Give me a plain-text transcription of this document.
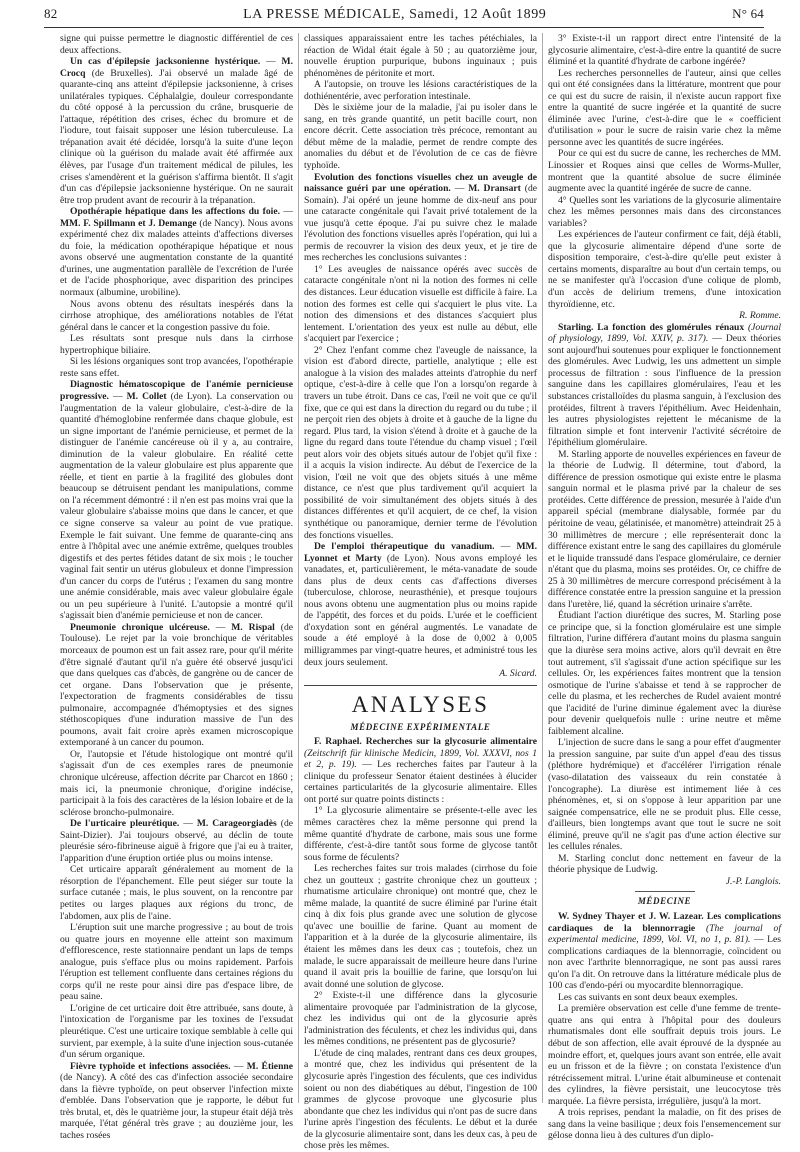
82	LA PRESSE MÉDICALE, Samedi, 12 Août 1899	N° 64

signe qui puisse permettre le diagnostic différentiel de ces deux affections.

Un cas d'épilepsie jacksonienne hystérique. — M. Crocq (de Bruxelles). J'ai observé un malade âgé de quarante-cinq ans atteint d'épilepsie jacksonienne, à crises unilatérales typiques. Céphalalgie, douleur correspondante du côté opposé à la percussion du crâne, brusquerie de l'attaque, répétition des crises, échec du bromure et de l'iodure, tout faisait supposer une lésion tuberculeuse. La trépanation avait été décidée, lorsqu'à la suite d'une leçon clinique où la guérison du malade avait été affirmée aux élèves, par l'usage d'un traitement médical de pilules, les crises s'amendèrent et la guérison s'affirma bientôt. Il s'agit d'un cas d'épilepsie jacksonienne hystérique. On ne saurait être trop prudent avant de recourir à la trépanation.

Opothérapie hépatique dans les affections du foie. — MM. F. Spillmann et J. Demange (de Nancy). Nous avons expérimenté chez dix malades atteints d'affections diverses du foie, la médication opothérapique hépatique et nous avons observé une augmentation constante de la quantité d'urines, une augmentation parallèle de l'excrétion de l'urée et de l'acide phosphorique, avec disparition des principes normaux (albumine, urobiline).

Nous avons obtenu des résultats inespérés dans la cirrhose atrophique, des améliorations notables de l'état général dans le cancer et la congestion passive du foie.

Les résultats sont presque nuls dans la cirrhose hypertrophique biliaire.

Si les lésions organiques sont trop avancées, l'opothérapie reste sans effet.

Diagnostic hématoscopique de l'anémie pernicieuse progressive. — M. Collet (de Lyon). La conservation ou l'augmentation de la valeur globulaire, c'est-à-dire de la quantité d'hémoglobine renfermée dans chaque globule, est un signe important de l'anémie pernicieuse, et permet de la distinguer de l'anémie cancéreuse où il y a, au contraire, diminution de la valeur globulaire. En réalité cette augmentation de la valeur globulaire est plus apparente que réelle, et tient en partie à la fragilité des globules dont beaucoup se détruisent pendant les manipulations, comme on l'a récemment démontré : il n'en est pas moins vrai que la valeur globulaire s'abaisse moins que dans le cancer, et que ce signe conserve sa valeur au point de vue pratique. Exemple le fait suivant. Une femme de quarante-cinq ans entre à l'hôpital avec une anémie extrême, quelques troubles digestifs et des pertes fétides datant de six mois ; le toucher vaginal fait sentir un utérus globuleux et donne l'impression d'un cancer du corps de l'utérus ; l'examen du sang montre une anémie considérable, mais avec valeur globulaire égale ou un peu supérieure à l'unité. L'autopsie a montré qu'il s'agissait bien d'anémie pernicieuse et non de cancer.

Pneumonie chronique ulcéreuse. — M. Rispal (de Toulouse). Le rejet par la voie bronchique de véritables morceaux de poumon est un fait assez rare, pour qu'il mérite d'être signalé d'autant qu'il n'a guère été observé jusqu'ici que dans quelques cas d'abcès, de gangrène ou de cancer de cet organe. Dans l'observation que je présente, l'expectoration de fragments considérables de tissu pulmonaire, accompagnée d'hémoptysies et des signes stéthoscopiques d'une induration massive de l'un des poumons, avait fait croire après examen microscopique extemporané à un cancer du poumon.

Or, l'autopsie et l'étude histologique ont montré qu'il s'agissait d'un de ces exemples rares de pneumonie chronique ulcéreuse, affection décrite par Charcot en 1860 ; mais ici, la pneumonie chronique, d'origine indécise, participait à la fois des caractères de la lésion lobaire et de la sclérose broncho-pulmonaire.

De l'urticaire pleurétique. — M. Carageorgiadès (de Saint-Dizier). J'ai toujours observé, au déclin de toute pleurésie séro-fibrineuse aiguë à frigore que j'ai eu à traiter, l'apparition d'une éruption ortiée plus ou moins intense.

Cet urticaire apparaît généralement au moment de la résorption de l'épanchement. Elle peut siéger sur toute la surface cutanée ; mais, le plus souvent, on la rencontre par petites ou larges plaques aux régions du tronc, de l'abdomen, aux plis de l'aine.

L'éruption suit une marche progressive ; au bout de trois ou quatre jours en moyenne elle atteint son maximum d'efflorescence, reste stationnaire pendant un laps de temps analogue, puis s'efface plus ou moins rapidement. Parfois l'éruption est tellement confluente dans certaines régions du corps qu'il ne reste pour ainsi dire pas d'espace libre, de peau saine.

L'origine de cet urticaire doit être attribuée, sans doute, à l'intoxication de l'organisme par les toxines de l'exsudat pleurétique. C'est une urticaire toxique semblable à celle qui survient, par exemple, à la suite d'une injection sous-cutanée d'un sérum organique.

Fièvre typhoïde et infections associées. — M. Étienne (de Nancy). A côté des cas d'infection associée secondaire dans la fièvre typhoïde, on peut observer l'infection mixte d'emblée. Dans l'observation que je rapporte, le début fut très brutal, et, dès le quatrième jour, la stupeur était déjà très marquée, l'état général très grave ; au douzième jour, les taches rosées

classiques apparaissaient entre les taches pétéchiales, la réaction de Widal était égale à 50 ; au quatorzième jour, nouvelle éruption purpurique, bubons inguinaux ; puis phénomènes de péritonite et mort.

A l'autopsie, on trouve les lésions caractéristiques de la dothiénentérie, avec perforation intestinale.

Dès le sixième jour de la maladie, j'ai pu isoler dans le sang, en très grande quantité, un petit bacille court, non encore décrit. Cette association très précoce, remontant au début même de la maladie, permet de rendre compte des anomalies du début et de l'évolution de ce cas de fièvre typhoïde.

Evolution des fonctions visuelles chez un aveugle de naissance guéri par une opération. — M. Dransart (de Somain). J'ai opéré un jeune homme de dix-neuf ans pour une cataracte congénitale qui l'avait privé totalement de la vue jusqu'à cette époque. J'ai pu suivre chez le malade l'évolution des fonctions visuelles après l'opération, qui lui a permis de recouvrer la vision des deux yeux, et je tire de mes recherches les conclusions suivantes :

1° Les aveugles de naissance opérés avec succès de cataracte congénitale n'ont ni la notion des formes ni celle des distances. Leur éducation visuelle est difficile à faire. La notion des formes est celle qui s'acquiert le plus vite. La notion des dimensions et des distances s'acquiert plus lentement. L'orientation des yeux est nulle au début, elle s'acquiert par l'exercice ;

2° Chez l'enfant comme chez l'aveugle de naissance, la vision est d'abord directe, partielle, analytique ; elle est analogue à la vision des malades atteints d'atrophie du nerf optique, c'est-à-dire à celle que l'on a lorsqu'on regarde à travers un tube étroit. Dans ce cas, l'œil ne voit que ce qu'il fixe, que ce qui est dans la direction du regard ou du tube ; il ne perçoit rien des objets à droite et à gauche de la ligne du regard. Plus tard, la vision s'étend à droite et à gauche de la ligne du regard dans toute l'étendue du champ visuel ; l'œil peut alors voir des objets situés autour de l'objet qu'il fixe : il a acquis la vision indirecte. Au début de l'exercice de la vision, l'œil ne voit que des objets situés à une même distance, ce n'est que plus tardivement qu'il acquiert la possibilité de voir simultanément des objets situés à des distances différentes et qu'il acquiert, de ce chef, la vision synthétique ou panoramique, dernier terme de l'évolution des fonctions visuelles.

De l'emploi thérapeutique du vanadium. — MM. Lyonnet et Marty (de Lyon). Nous avons employé les vanadates, et, particulièrement, le méta-vanadate de soude dans plus de deux cents cas d'affections diverses (tuberculose, chlorose, neurasthénie), et presque toujours nous avons obtenu une augmentation plus ou moins rapide de l'appétit, des forces et du poids. L'urée et le coefficient d'oxydation sont en général augmentés. Le vanadate de soude a été employé à la dose de 0,002 à 0,005 milligrammes par vingt-quatre heures, et administré tous les deux jours seulement.

A. Sicard.

ANALYSES
MÉDECINE EXPÉRIMENTALE

F. Raphael. Recherches sur la glycosurie alimentaire (Zeitschrift für klinische Medicin, 1899, Vol. XXXVI, nos 1 et 2, p. 19). — Les recherches faites par l'auteur à la clinique du professeur Senator étaient destinées à élucider certaines particularités de la glycosurie alimentaire. Elles ont porté sur quatre points distincts :

1° La glycosurie alimentaire se présente-t-elle avec les mêmes caractères chez la même personne qui prend la même quantité d'hydrate de carbone, mais sous une forme différente, c'est-à-dire tantôt sous forme de glycose tantôt sous forme de féculents?

Les recherches faites sur trois malades (cirrhose du foie chez un goutteux ; gastrite chronique chez un goutteux ; rhumatisme articulaire chronique) ont montré que, chez le même malade, la quantité de sucre éliminé par l'urine était cinq à dix fois plus grande avec une solution de glycose qu'avec une bouillie de farine. Quant au moment de l'apparition et à la durée de la glycosurie alimentaire, ils étaient les mêmes dans les deux cas ; toutefois, chez un malade, le sucre apparaissait de meilleure heure dans l'urine quand il avait pris la bouillie de farine, que lorsqu'on lui avait donné une solution de glycose.

2° Existe-t-il une différence dans la glycosurie alimentaire provoquée par l'administration de la glycose, chez les individus qui ont de la glycosurie après l'administration des féculents, et chez les individus qui, dans les mêmes conditions, ne présentent pas de glycosurie?

L'étude de cinq malades, rentrant dans ces deux groupes, a montré que, chez les individus qui présentent de la glycosurie après l'ingestion des féculents, que ces individus soient ou non des diabétiques au début, l'ingestion de 100 grammes de glycose provoque une glycosurie plus abondante que chez les individus qui n'ont pas de sucre dans l'urine après l'ingestion des féculents. Le début et la durée de la glycosurie alimentaire sont, dans les deux cas, à peu de chose près les mêmes.

3° Existe-t-il un rapport direct entre l'intensité de la glycosurie alimentaire, c'est-à-dire entre la quantité de sucre éliminé et la quantité d'hydrate de carbone ingérée?

Les recherches personnelles de l'auteur, ainsi que celles qui ont été consignées dans la littérature, montrent que pour ce qui est du sucre de raisin, il n'existe aucun rapport fixe entre la quantité de sucre ingérée et la quantité de sucre éliminée avec l'urine, c'est-à-dire que le « coefficient d'utilisation » pour le sucre de raisin varie chez la même personne avec les quantités de sucre ingérées.

Pour ce qui est du sucre de canne, les recherches de MM. Linossier et Roques ainsi que celles de Worms-Muller, montrent que la quantité absolue de sucre éliminée augmente avec la quantité ingérée de sucre de canne.

4° Quelles sont les variations de la glycosurie alimentaire chez les mêmes personnes mais dans des circonstances variables?

Les expériences de l'auteur confirment ce fait, déjà établi, que la glycosurie alimentaire dépend d'une sorte de disposition temporaire, c'est-à-dire qu'elle peut exister à certains moments, disparaître au bout d'un certain temps, ou ne se manifester qu'à l'occasion d'une colique de plomb, d'un accès de delirium tremens, d'une intoxication thyroïdienne, etc.

R. Romme.

Starling. La fonction des glomérules rénaux (Journal of physiology, 1899, Vol. XXIV, p. 317). — Deux théories sont aujourd'hui soutenues pour expliquer le fonctionnement des glomérules. Avec Ludwig, les uns admettent un simple processus de filtration : sous l'influence de la pression sanguine dans les capillaires glomérulaires, l'eau et les substances cristalloïdes du plasma sanguin, à l'exclusion des protéides, filtrent à travers l'épithélium. Avec Heidenhain, les autres physiologistes rejettent le mécanisme de la filtration simple et font intervenir l'activité sécrétoire de l'épithélium glomérulaire.

M. Starling apporte de nouvelles expériences en faveur de la théorie de Ludwig. Il détermine, tout d'abord, la différence de pression osmotique qui existe entre le plasma sanguin normal et le plasma privé par la chaleur de ses protéides. Cette différence de pression, mesurée à l'aide d'un appareil spécial (membrane dialysable, formée par du péritoine de veau, gélatinisée, et manomètre) atteindrait 25 à 30 millimètres de mercure ; elle représenterait donc la différence existant entre le sang des capillaires du glomérule et le liquide transsudé dans l'espace glomérulaire, ce dernier n'étant que du plasma, moins ses protéides. Or, ce chiffre de 25 à 30 millimètres de mercure correspond précisément à la différence constatée entre la pression sanguine et la pression dans l'uretère, lié, quand la sécrétion urinaire s'arrête.

Étudiant l'action diurétique des sucres, M. Starling pose ce principe que, si la fonction glomérulaire est une simple filtration, l'urine différera d'autant moins du plasma sanguin que la diurèse sera moins active, alors qu'il devrait en être tout autrement, s'il s'agissait d'une action spécifique sur les cellules. Or, les expériences faites montrent que la tension osmotique de l'urine s'abaisse et tend à se rapprocher de celle du plasma, et les recherches de Rudel avaient montré que l'acidité de l'urine diminue également avec la diurèse pour devenir quelquefois nulle : urine neutre et même faiblement alcaline.

L'injection de sucre dans le sang a pour effet d'augmenter la pression sanguine, par suite d'un appel d'eau des tissus (pléthore hydrémique) et d'accélérer l'irrigation rénale (vaso-dilatation des vaisseaux du rein constatée à l'oncographe). La diurèse est intimement liée à ces phénomènes, et, si on s'oppose à leur apparition par une saignée compensatrice, elle ne se produit plus. Elle cesse, d'ailleurs, bien longtemps avant que tout le sucre ne soit éliminé, preuve qu'il ne s'agit pas d'une action élective sur les cellules rénales.

M. Starling conclut donc nettement en faveur de la théorie physique de Ludwig.

J.-P. Langlois.

MÉDECINE

W. Sydney Thayer et J. W. Lazear. Les complications cardiaques de la blennorragie (The journal of experimental medicine, 1899, Vol. VI, no 1, p. 81). — Les complications cardiaques de la blennorragie, coïncident ou non avec l'arthrite blennorragique, ne sont pas aussi rares qu'on l'a dit. On retrouve dans la littérature médicale plus de 100 cas d'endo-péri ou myocardite blennorragique.

Les cas suivants en sont deux beaux exemples.

La première observation est celle d'une femme de trente-quatre ans qui entra à l'hôpital pour des douleurs rhumatismales dont elle souffrait depuis trois jours. Le début de son affection, elle avait éprouvé de la dyspnée au moindre effort, et, quelques jours avant son entrée, elle avait eu un frisson et de la fièvre ; on constata l'existence d'un rétrécissement mitral. L'urine était albumineuse et contenait des cylindres, la fièvre persistait, une leucocytose très marquée. La fièvre persista, irrégulière, jusqu'à la mort.

A trois reprises, pendant la maladie, on fit des prises de sang dans la veine basilique ; deux fois l'ensemencement sur gélose donna lieu à des cultures d'un diplo-
